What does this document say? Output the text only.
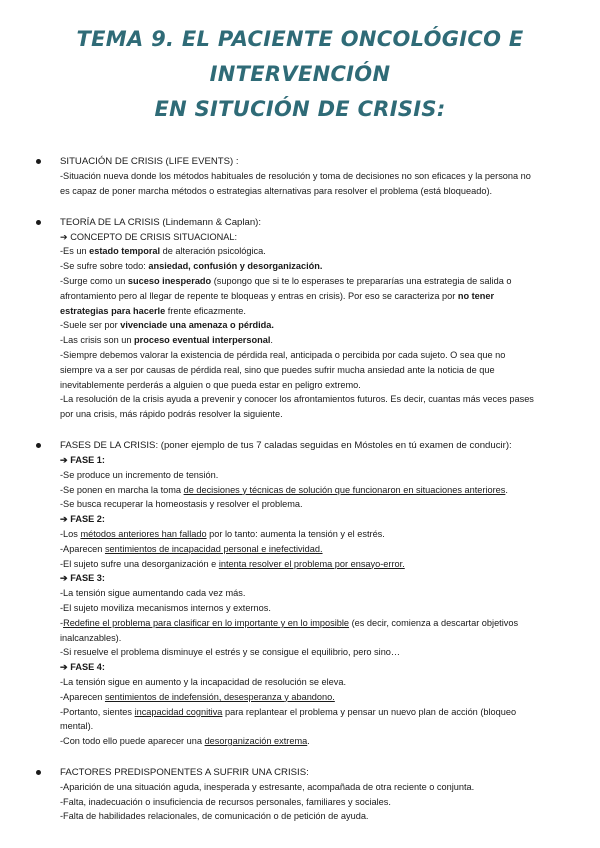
TEMA 9. EL PACIENTE ONCOLÓGICO E INTERVENCIÓN
EN SITUCIÓN DE CRISIS:
SITUACIÓN DE CRISIS (LIFE EVENTS) :
-Situación nueva donde los métodos habituales de resolución y toma de decisiones no son eficaces y la persona no
es capaz de poner marcha métodos o estrategias alternativas para resolver el problema (está bloqueado).
TEORÍA DE LA CRISIS (Lindemann & Caplan):
➔ CONCEPTO DE CRISIS SITUACIONAL:
-Es un estado temporal de alteración psicológica.
-Se sufre sobre todo: ansiedad, confusión y desorganización.
-Surge como un suceso inesperado (supongo que si te lo esperases te prepararías una estrategia de salida o
afrontamiento pero al llegar de repente te bloqueas y entras en crisis). Por eso se caracteriza por no tener
estrategias para hacerle frente eficazmente.
-Suele ser por vivenciade una amenaza o pérdida.
-Las crisis son un proceso eventual interpersonal.
-Siempre debemos valorar la existencia de pérdida real, anticipada o percibida por cada sujeto. O sea que no
siempre va a ser por causas de pérdida real, sino que puedes sufrir mucha ansiedad ante la noticia de que
inevitablemente perderás a alguien o que pueda estar en peligro extremo.
-La resolución de la crisis ayuda a prevenir y conocer los afrontamientos futuros. Es decir, cuantas más veces pases
por una crisis, más rápido podrás resolver la siguiente.
FASES DE LA CRISIS: (poner ejemplo de tus 7 caladas seguidas en Móstoles en tú examen de conducir):
➔ FASE 1:
-Se produce un incremento de tensión.
-Se ponen en marcha la toma de decisiones y técnicas de solución que funcionaron en situaciones anteriores.
-Se busca recuperar la homeostasis y resolver el problema.
➔ FASE 2:
-Los métodos anteriores han fallado por lo tanto: aumenta la tensión y el estrés.
-Aparecen sentimientos de incapacidad personal e inefectividad.
-El sujeto sufre una desorganización e intenta resolver el problema por ensayo-error.
➔ FASE 3:
-La tensión sigue aumentando cada vez más.
-El sujeto moviliza mecanismos internos y externos.
-Redefine el problema para clasificar en lo importante y en lo imposible (es decir, comienza a descartar objetivos
inalcanzables).
-Si resuelve el problema disminuye el estrés y se consigue el equilibrio, pero sino…
➔ FASE 4:
-La tensión sigue en aumento y la incapacidad de resolución se eleva.
-Aparecen sentimientos de indefensión, desesperanza y abandono.
-Portanto, sientes incapacidad cognitiva para replantear el problema y pensar un nuevo plan de acción (bloqueo
mental).
-Con todo ello puede aparecer una desorganización extrema.
FACTORES PREDISPONENTES A SUFRIR UNA CRISIS:
-Aparición de una situación aguda, inesperada y estresante, acompañada de otra reciente o conjunta.
-Falta, inadecuación o insuficiencia de recursos personales, familiares y sociales.
-Falta de habilidades relacionales, de comunicación o de petición de ayuda.
